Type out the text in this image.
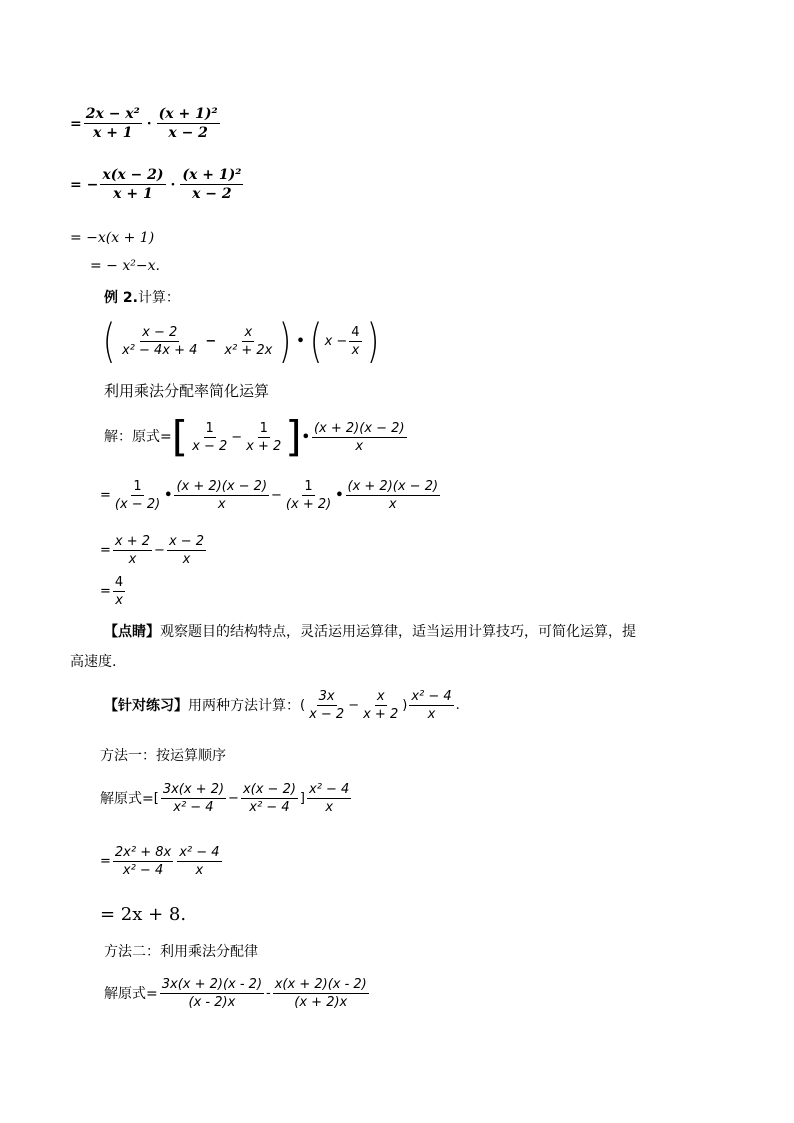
= $\frac{\text{2x − x²}}{x + 1} \cdot \frac{\text{(x + 1)²}}{x - 2}$
= − $\frac{x(x - 2)}{x + 1} \cdot \frac{\text{(x + 1)²}}{x - 2}$
= −x(x + 1)
= − x²−x.
例 2.计算：
( $\frac{x - 2}{\text{x² − 4x + 4}} - \frac{x}{\text{x² + 2x}}$ ) • ( $x - \frac{4}{x}$ )
利用乘法分配率简化运算
解：原式= [ $\frac{1}{x - 2} - \frac{1}{x + 2}$ ] • $\frac{(x + 2)(x - 2)}{x}$
= $\frac{1}{(x - 2)}$ • $\frac{(x + 2)(x - 2)}{x} - \frac{1}{(x + 2)}$ • $\frac{(x + 2)(x - 2)}{x}$
= $\frac{x + 2}{x} - \frac{x - 2}{x}$
= $\frac{4}{x}$
【点睛】观察题目的结构特点，灵活运用运算律，适当运用计算技巧，可简化运算，提
高速度.
【针对练习】 用两种方法计算： ( $\frac{3x}{x - 2} - \frac{x}{x + 2}$ ) $\frac{\text{x² − 4}}{x}$ .
方法一：按运算顺序
解原式= [ $\frac{3x(x + 2)}{\text{x² − 4}} - \frac{x(x - 2)}{\text{x² − 4}}$ ] $\frac{\text{x² − 4}}{x}$
= $\frac{\text{2x² + 8x}}{\text{x² − 4}} \frac{\text{x² − 4}}{x}$
= 2x + 8.
方法二：利用乘法分配律
解原式= $\frac{3x(x + 2)(x - 2)}{(x - 2)x} - \frac{x(x + 2)(x - 2)}{(x + 2)x}$
